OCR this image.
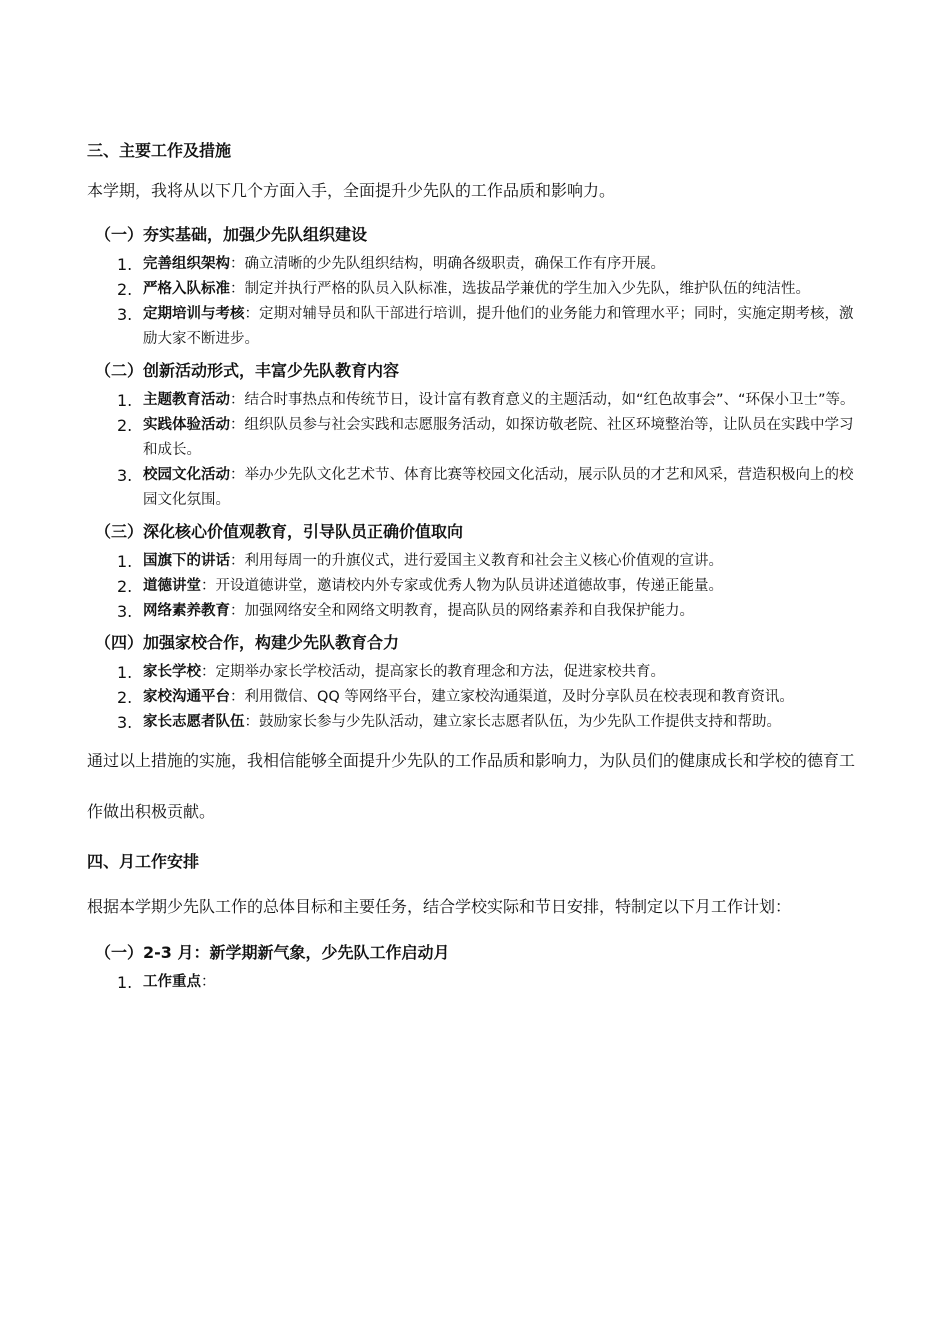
三、主要工作及措施

本学期，我将从以下几个方面入手，全面提升少先队的工作品质和影响力。

（一）夯实基础，加强少先队组织建设

1. 完善组织架构：确立清晰的少先队组织结构，明确各级职责，确保工作有序开展。
2. 严格入队标准：制定并执行严格的队员入队标准，选拔品学兼优的学生加入少先队，维护队伍的纯洁性。
3. 定期培训与考核：定期对辅导员和队干部进行培训，提升他们的业务能力和管理水平；同时，实施定期考核，激励大家不断进步。

（二）创新活动形式，丰富少先队教育内容

1. 主题教育活动：结合时事热点和传统节日，设计富有教育意义的主题活动，如“红色故事会”、“环保小卫士”等。
2. 实践体验活动：组织队员参与社会实践和志愿服务活动，如探访敬老院、社区环境整治等，让队员在实践中学习和成长。
3. 校园文化活动：举办少先队文化艺术节、体育比赛等校园文化活动，展示队员的才艺和风采，营造积极向上的校园文化氛围。

（三）深化核心价值观教育，引导队员正确价值取向

1. 国旗下的讲话：利用每周一的升旗仪式，进行爱国主义教育和社会主义核心价值观的宣讲。
2. 道德讲堂：开设道德讲堂，邀请校内外专家或优秀人物为队员讲述道德故事，传递正能量。
3. 网络素养教育：加强网络安全和网络文明教育，提高队员的网络素养和自我保护能力。

（四）加强家校合作，构建少先队教育合力

1. 家长学校：定期举办家长学校活动，提高家长的教育理念和方法，促进家校共育。
2. 家校沟通平台：利用微信、QQ 等网络平台，建立家校沟通渠道，及时分享队员在校表现和教育资讯。
3. 家长志愿者队伍：鼓励家长参与少先队活动，建立家长志愿者队伍，为少先队工作提供支持和帮助。

通过以上措施的实施，我相信能够全面提升少先队的工作品质和影响力，为队员们的健康成长和学校的德育工作做出积极贡献。

四、月工作安排

根据本学期少先队工作的总体目标和主要任务，结合学校实际和节日安排，特制定以下月工作计划：

（一）2-3 月：新学期新气象，少先队工作启动月

1. 工作重点：
